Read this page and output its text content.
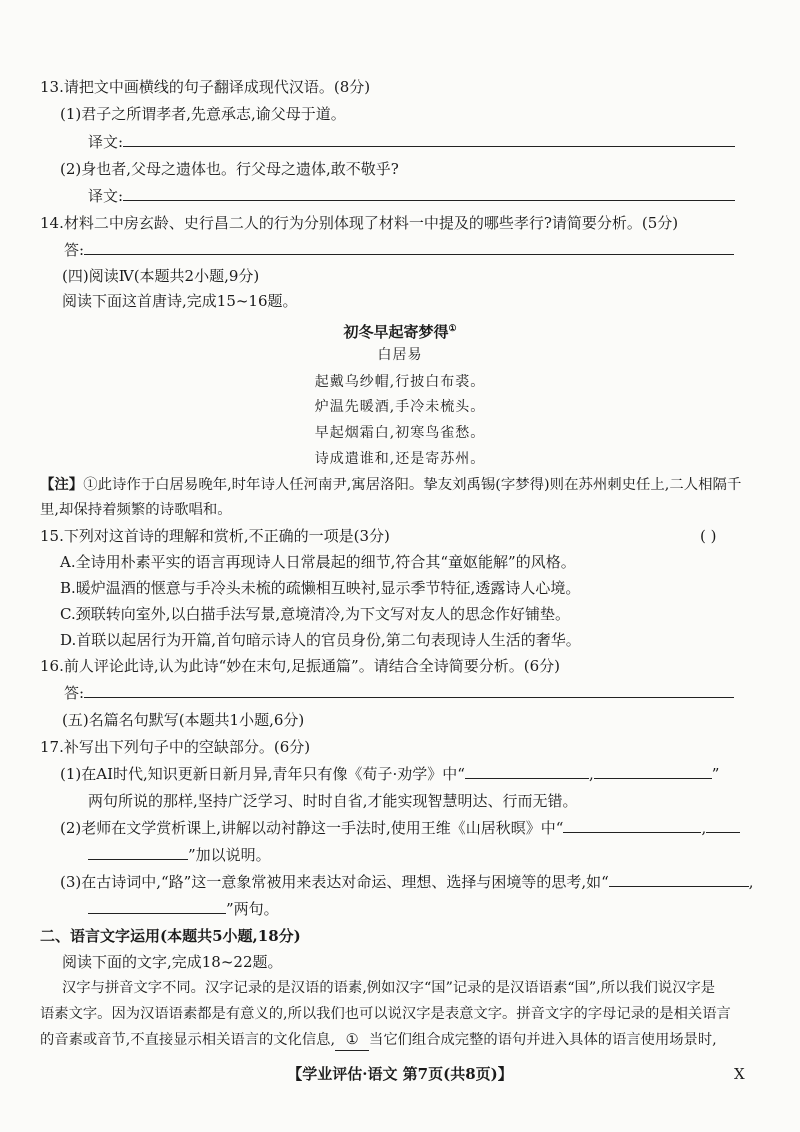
13.请把文中画横线的句子翻译成现代汉语。(8分)
(1)君子之所谓孝者,先意承志,谕父母于道。
译文:
(2)身也者,父母之遗体也。行父母之遗体,敢不敬乎?
译文:
14.材料二中房玄龄、史行昌二人的行为分别体现了材料一中提及的哪些孝行?请简要分析。(5分)
答:
(四)阅读Ⅳ(本题共2小题,9分)
阅读下面这首唐诗,完成15~16题。
初冬早起寄梦得①
白居易
起戴乌纱帽,行披白布裘。
炉温先暖酒,手冷未梳头。
早起烟霜白,初寒鸟雀愁。
诗成遣谁和,还是寄苏州。
【注】①此诗作于白居易晚年,时年诗人任河南尹,寓居洛阳。挚友刘禹锡(字梦得)则在苏州刺史任上,二人相隔千
里,却保持着频繁的诗歌唱和。
15.下列对这首诗的理解和赏析,不正确的一项是(3分)	( )
A.全诗用朴素平实的语言再现诗人日常晨起的细节,符合其“童妪能解”的风格。
B.暖炉温酒的惬意与手冷头未梳的疏懒相互映衬,显示季节特征,透露诗人心境。
C.颈联转向室外,以白描手法写景,意境清冷,为下文写对友人的思念作好铺垫。
D.首联以起居行为开篇,首句暗示诗人的官员身份,第二句表现诗人生活的奢华。
16.前人评论此诗,认为此诗“妙在末句,足振通篇”。请结合全诗简要分析。(6分)
答:
(五)名篇名句默写(本题共1小题,6分)
17.补写出下列句子中的空缺部分。(6分)
(1)在AI时代,知识更新日新月异,青年只有像《荀子·劝学》中“	,	”
两句所说的那样,坚持广泛学习、时时自省,才能实现智慧明达、行而无错。
(2)老师在文学赏析课上,讲解以动衬静这一手法时,使用王维《山居秋暝》中“	,
”加以说明。
(3)在古诗词中,“路”这一意象常被用来表达对命运、理想、选择与困境等的思考,如“	,
”两句。
二、语言文字运用(本题共5小题,18分)
阅读下面的文字,完成18~22题。
汉字与拼音文字不同。汉字记录的是汉语的语素,例如汉字“国”记录的是汉语语素“国”,所以我们说汉字是
语素文字。因为汉语语素都是有意义的,所以我们也可以说汉字是表意文字。拼音文字的字母记录的是相关语言
的音素或音节,不直接显示相关语言的文化信息, ① 当它们组合成完整的语句并进入具体的语言使用场景时,
【学业评估·语文 第7页(共8页)】	X
